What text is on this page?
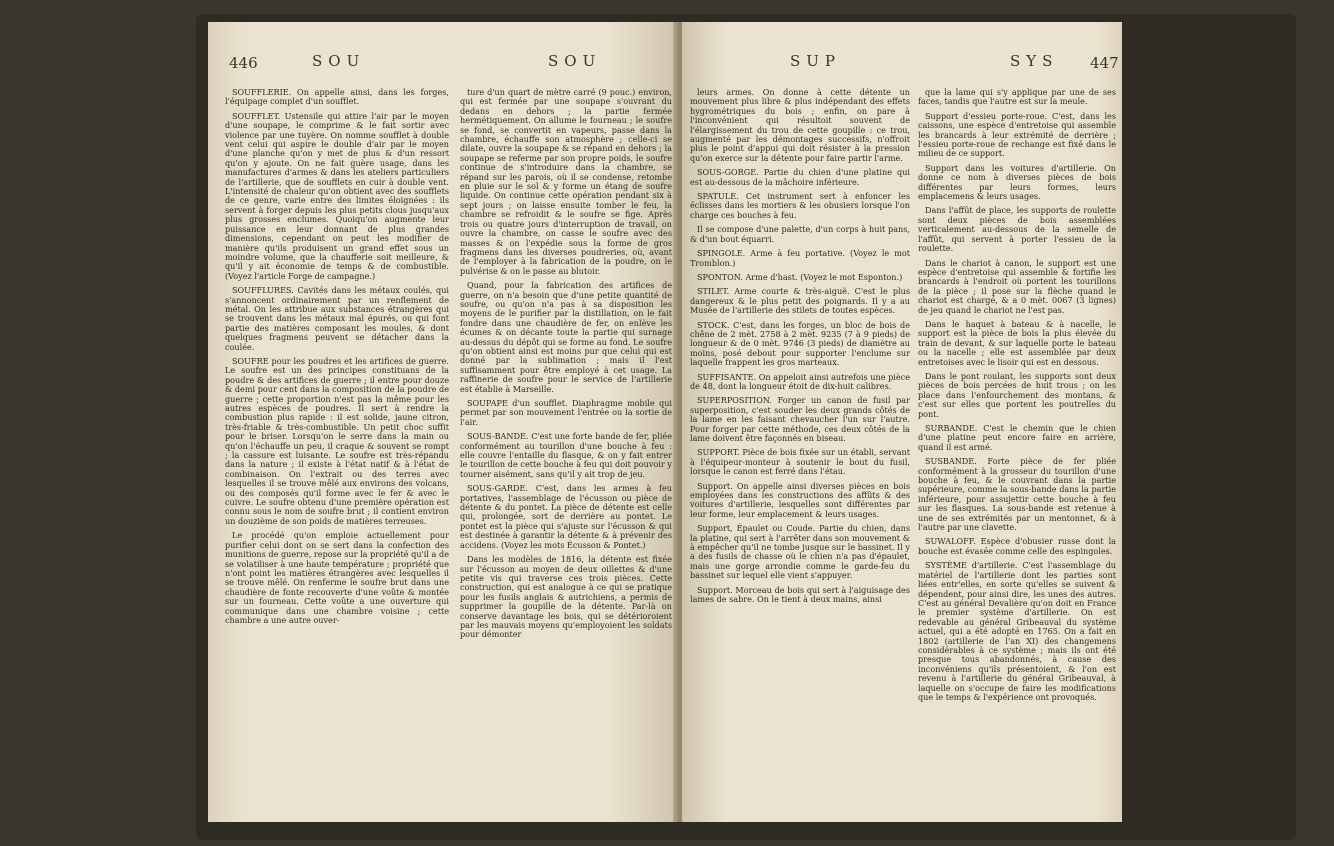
446	SOU	SOU	SUP	SYS 447

SOUFFLERIE. On appelle ainsi, dans les forges, l'équipage complet d'un soufflet.

SOUFFLET. Ustensile qui attire l'air par le moyen d'une soupape, le comprime & le fait sortir avec violence par une tuyère. On nomme soufflet à double vent celui qui aspire le double d'air par le moyen d'une planche qu'on y met de plus & d'un ressort qu'on y ajoute. On ne fait guère usage, dans les manufactures d'armes & dans les ateliers particuliers de l'artillerie, que de soufflets en cuir à double vent. L'intensité de chaleur qu'on obtient avec des soufflets de ce genre, varie entre des limites éloignées : ils servent à forger depuis les plus petits clous jusqu'aux plus grosses enclumes. Quoiqu'on augmente leur puissance en leur donnant de plus grandes dimensions, cependant on peut les modifier de manière qu'ils produisent un grand effet sous un moindre volume, que la chaufferie soit meilleure, & qu'il y ait économie de temps & de combustible. (Voyez l'article Forge de campagne.)

SOUFFLURES. Cavités dans les métaux coulés, qui s'annoncent ordinairement par un renflement de métal. On les attribue aux substances étrangères qui se trouvent dans les métaux mal épurés, ou qui font partie des matières composant les moules, & dont quelques fragmens peuvent se détacher dans la coulée.

SOUFRE pour les poudres et les artifices de guerre. Le soufre est un des principes constituans de la poudre & des artifices de guerre ; il entre pour douze & demi pour cent dans la composition de la poudre de guerre ; cette proportion n'est pas la même pour les autres espèces de poudres. Il sert à rendre la combustion plus rapide : il est solide, jaune citron, très-friable & très-combustible. Un petit choc suffit pour le briser. Lorsqu'on le serre dans la main ou qu'on l'échauffe un peu, il craque & souvent se rompt ; la cassure est luisante. Le soufre est très-répandu dans la nature ; il existe à l'état natif & à l'état de combinaison. On l'extrait ou des terres avec lesquelles il se trouve mêlé aux environs des volcans, ou des composés qu'il forme avec le fer & avec le cuivre. Le soufre obtenu d'une première opération est connu sous le nom de soufre brut ; il contient environ un douzième de son poids de matières terreuses.

Le procédé qu'on emploie actuellement pour purifier celui dont on se sert dans la confection des munitions de guerre, repose sur la propriété qu'il a de se volatiliser à une haute température ; propriété que n'ont point les matières étrangères avec lesquelles il se trouve mêlé. On renferme le soufre brut dans une chaudière de fonte recouverte d'une voûte & montée sur un fourneau. Cette voûte a une ouverture qui communique dans une chambre voisine ; cette chambre a une autre ouver-

ture d'un quart de mètre carré (9 pouc.) environ, qui est fermée par une soupape s'ouvrant du dedans en dehors ; la partie fermée hermétiquement. On allume le fourneau ; le soufre se fond, se convertit en vapeurs, passe dans la chambre, échauffe son atmosphère ; celle-ci se dilate, ouvre la soupape & se répand en dehors ; la soupape se referme par son propre poids, le soufre continue de s'introduire dans la chambre, se répand sur les parois, où il se condense, retombe en pluie sur le sol & y forme un étang de soufre liquide. On continue cette opération pendant six à sept jours ; on laisse ensuite tomber le feu, la chambre se refroidit & le soufre se fige. Après trois ou quatre jours d'interruption de travail, on ouvre la chambre, on casse le soufre avec des masses & on l'expédie sous la forme de gros fragmens dans les diverses poudreries, où, avant de l'employer à la fabrication de la poudre, on le pulvérise & on le passe au blutoir.

Quand, pour la fabrication des artifices de guerre, on n'a besoin que d'une petite quantité de soufre, ou qu'on n'a pas à sa disposition les moyens de le purifier par la distillation, on le fait fondre dans une chaudière de fer, on enlève les écumes & on décante toute la partie qui surnage au-dessus du dépôt qui se forme au fond. Le soufre qu'on obtient ainsi est moins pur que celui qui est donné par la sublimation ; mais il l'est suffisamment pour être employé à cet usage. La raffinerie de soufre pour le service de l'artillerie est établie à Marseille.

SOUPAPE d'un soufflet. Diaphragme mobile qui permet par son mouvement l'entrée ou la sortie de l'air.

SOUS-BANDE. C'est une forte bande de fer, pliée conformément au tourillon d'une bouche à feu : elle couvre l'entaille du flasque, & on y fait entrer le tourillon de cette bouche à feu qui doit pouvoir y tourner aisément, sans qu'il y ait trop de jeu.

SOUS-GARDE. C'est, dans les armes à feu portatives, l'assemblage de l'écusson ou pièce de détente & du pontet. La pièce de détente est celle qui, prolongée, sort de derrière au pontet. Le pontet est la pièce qui s'ajuste sur l'écusson & qui est destinée à garantir la détente & à prévenir des accidens. (Voyez les mots Écusson & Pontet.)

Dans les modèles de 1816, la détente est fixée sur l'écusson au moyen de deux oillettes & d'une petite vis qui traverse ces trois pièces. Cette construction, qui est analogue à ce qui se pratique pour les fusils anglais & autrichiens, a permis de supprimer la goupille de la détente. Par-là on conserve davantage les bois, qui se détérioroient par les mauvais moyens qu'employoient les soldats pour démonter

leurs armes. On donne à cette détente un mouvement plus libre & plus indépendant des effets hygrométriques du bois ; enfin, on pare à l'inconvénient qui résultoit souvent de l'élargissement du trou de cette goupille : ce trou, augmenté par les démontages successifs, n'offroit plus le point d'appui qui doit résister à la pression qu'on exerce sur la détente pour faire partir l'arme.

SOUS-GORGE. Partie du chien d'une platine qui est au-dessous de la mâchoire inférieure.

SPATULE. Cet instrument sert à enfoncer les éclisses dans les mortiers & les obusiers lorsque l'on charge ces bouches à feu.

Il se compose d'une palette, d'un corps à huit pans, & d'un bout équarri.

SPINGOLE. Arme à feu portative. (Voyez le mot Tromblon.)

SPONTON. Arme d'hast. (Voyez le mot Esponton.)

STILET. Arme courte & très-aiguë. C'est le plus dangereux & le plus petit des poignards. Il y a au Musée de l'artillerie des stilets de toutes espèces.

STOCK. C'est, dans les forges, un bloc de bois de chêne de 2 mèt. 2758 à 2 mèt. 9235 (7 à 9 pieds) de longueur & de 0 mèt. 9746 (3 pieds) de diamètre au moins, posé debout pour supporter l'enclume sur laquelle frappent les gros marteaux.

SUFFISANTE. On appeloit ainsi autrefois une pièce de 48, dont la longueur étoit de dix-huit calibres.

SUPERPOSITION. Forger un canon de fusil par superposition, c'est souder les deux grands côtés de la lame en les faisant chevaucher l'un sur l'autre. Pour forger par cette méthode, ces deux côtés de la lame doivent être façonnés en biseau.

SUPPORT. Pièce de bois fixée sur un établi, servant à l'équipeur-monteur à soutenir le bout du fusil, lorsque le canon est ferré dans l'étau.

Support. On appelle ainsi diverses pièces en bois employées dans les constructions des affûts & des voitures d'artillerie, lesquelles sont différentes par leur forme, leur emplacement & leurs usages.

Support, Épaulet ou Coude. Partie du chien, dans la platine, qui sert à l'arrêter dans son mouvement & à empêcher qu'il ne tombe jusque sur le bassinet. Il y a des fusils de chasse où le chien n'a pas d'épaulet, mais une gorge arrondie comme le garde-feu du bassinet sur lequel elle vient s'appuyer.

Support. Morceau de bois qui sert à l'aiguisage des lames de sabre. On le tient à deux mains, ainsi

que la lame qui s'y applique par une de ses faces, tandis que l'autre est sur la meule.

Support d'essieu porte-roue. C'est, dans les caissons, une espèce d'entretoise qui assemble les brancards à leur extrémité de derrière ; l'essieu porte-roue de rechange est fixé dans le milieu de ce support.

Support dans les voitures d'artillerie. On donne ce nom à diverses pièces de bois différentes par leurs formes, leurs emplacemens & leurs usages.

Dans l'affût de place, les supports de roulette sont deux pièces de bois assemblées verticalement au-dessous de la semelle de l'affût, qui servent à porter l'essieu de la roulette.

Dans le chariot à canon, le support est une espèce d'entretoise qui assemble & fortifie les brancards à l'endroit où portent les tourillons de la pièce ; il pose sur la flèche quand le chariot est chargé, & a 0 mèt. 0067 (3 lignes) de jeu quand le chariot ne l'est pas.

Dans le haquet à bateau & à nacelle, le support est la pièce de bois la plus élevée du train de devant, & sur laquelle porte le bateau ou la nacelle ; elle est assemblée par deux entretoises avec le lisoir qui est en dessous.

Dans le pont roulant, les supports sont deux pièces de bois percées de huit trous ; on les place dans l'enfourchement des montans, & c'est sur elles que portent les poutrelles du pont.

SURBANDE. C'est le chemin que le chien d'une platine peut encore faire en arrière, quand il est armé.

SUSBANDE. Forte pièce de fer pliée conformément à la grosseur du tourillon d'une bouche à feu, & le couvrant dans la partie supérieure, comme la sous-bande dans la partie inférieure, pour assujettir cette bouche à feu sur les flasques. La sous-bande est retenue à une de ses extrémités par un mentonnet, & à l'autre par une clavette.

SUWALOFF. Espèce d'obusier russe dont la bouche est évasée comme celle des espingoles.

SYSTÈME d'artillerie. C'est l'assemblage du matériel de l'artillerie dont les parties sont liées entr'elles, en sorte qu'elles se suivent & dépendent, pour ainsi dire, les unes des autres. C'est au général Devalière qu'on doit en France le premier système d'artillerie. On est redevable au général Gribeauval du système actuel, qui a été adopté en 1765. On a fait en 1802 (artillerie de l'an XI) des changemens considérables à ce système ; mais ils ont été presque tous abandonnés, à cause des inconvéniens qu'ils présentoient, & l'on est revenu à l'artillerie du général Gribeauval, à laquelle on s'occupe de faire les modifications que le temps & l'expérience ont provoqués.
